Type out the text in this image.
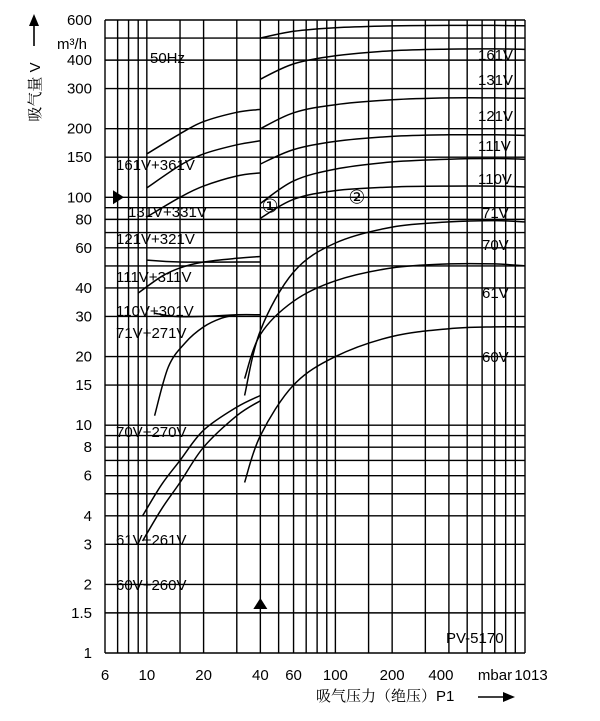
1
1.5
2
3
4
6
8
10
15
20
30
40
60
80
100
150
200
300
400
600
6 10	20	40 60 100 200 400	1013
161V
131V
121V
111V
110V
71V
70V
61V
60V
161V+361V
131V+331V
121V+321V
111V+311V
110V+301V
71V+271V
70V+270V
61V+261V
60V+260V
吸气量 V
m³/h
吸气压力（绝压）P1
mbar
50Hz
PV-5170
①	②
